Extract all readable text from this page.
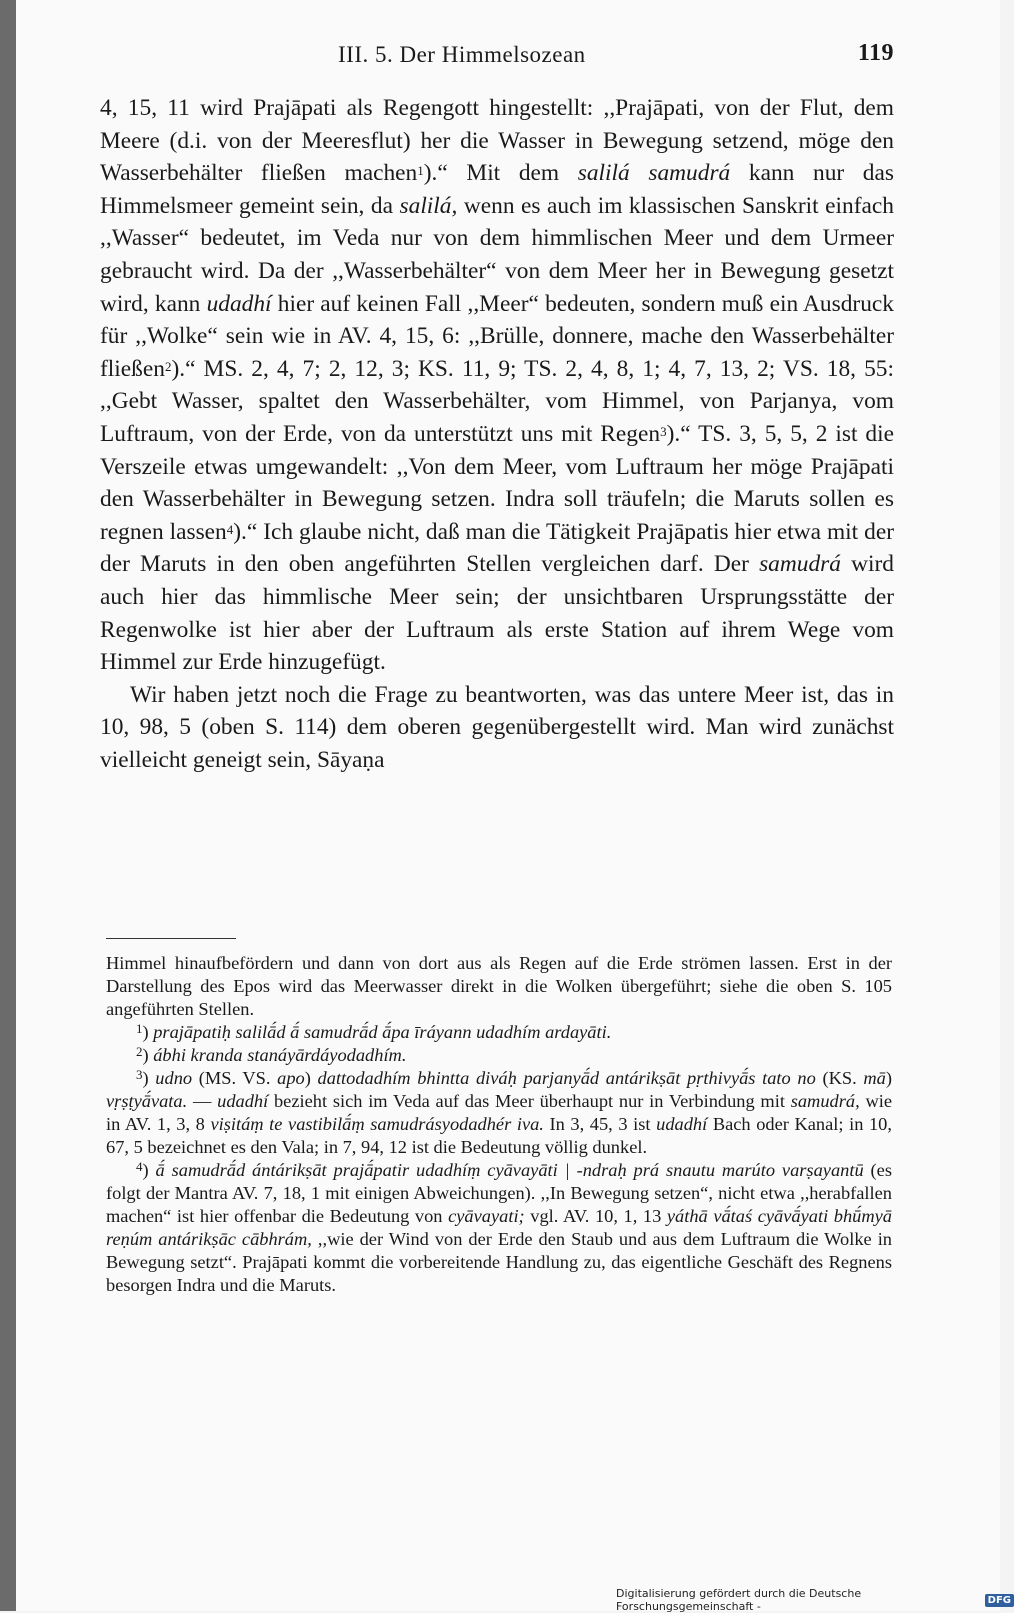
III. 5. Der Himmelsozean	119

4, 15, 11 wird Prajāpati als Regengott hingestellt: ,,Prajāpati, von der Flut, dem Meere (d.i. von der Meeresflut) her die Wasser in Bewegung setzend, möge den Wasserbehälter fließen machen$^1$).“ Mit dem salilá samudrá kann nur das Himmelsmeer gemeint sein, da salilá, wenn es auch im klassischen Sanskrit einfach ,,Wasser“ bedeutet, im Veda nur von dem himmlischen Meer und dem Urmeer gebraucht wird. Da der ,,Wasserbehälter“ von dem Meer her in Bewegung gesetzt wird, kann udadhí hier auf keinen Fall ,,Meer“ bedeuten, sondern muß ein Ausdruck für ,,Wolke“ sein wie in AV. 4, 15, 6: ,,Brülle, donnere, mache den Wasserbehälter fließen$^2$).“ MS. 2, 4, 7; 2, 12, 3; KS. 11, 9; TS. 2, 4, 8, 1; 4, 7, 13, 2; VS. 18, 55: ,,Gebt Wasser, spaltet den Wasserbehälter, vom Himmel, von Parjanya, vom Luftraum, von der Erde, von da unterstützt uns mit Regen$^3$).“ TS. 3, 5, 5, 2 ist die Verszeile etwas umgewandelt: ,,Von dem Meer, vom Luftraum her möge Prajāpati den Wasserbehälter in Bewegung setzen. Indra soll träufeln; die Maruts sollen es regnen lassen$^4$).“ Ich glaube nicht, daß man die Tätigkeit Prajāpatis hier etwa mit der der Maruts in den oben angeführten Stellen vergleichen darf. Der samudrá wird auch hier das himmlische Meer sein; der unsichtbaren Ursprungsstätte der Regenwolke ist hier aber der Luftraum als erste Station auf ihrem Wege vom Himmel zur Erde hinzugefügt.

Wir haben jetzt noch die Frage zu beantworten, was das untere Meer ist, das in 10, 98, 5 (oben S. 114) dem oberen gegenübergestellt wird. Man wird zunächst vielleicht geneigt sein, Sāyaṇa

Himmel hinaufbefördern und dann von dort aus als Regen auf die Erde strömen lassen. Erst in der Darstellung des Epos wird das Meerwasser direkt in die Wolken übergeführt; siehe die oben S. 105 angeführten Stellen.

$^1$) prajāpatiḥ salilā́d ā́ samudrā́d ā́pa īráyann udadhím ardayāti.

$^2$) ábhi kranda stanáyārdáyodadhím.

$^3$) udno (MS. VS. apo) dattodadhím bhintta diváḥ parjanyā́d antárikṣāt pṛthivyā́s tato no (KS. mā) vṛṣṭyā́vata. — udadhí bezieht sich im Veda auf das Meer überhaupt nur in Verbindung mit samudrá, wie in AV. 1, 3, 8 viṣitáṃ te vastibilā́ṃ samudrásyodadhér iva. In 3, 45, 3 ist udadhí Bach oder Kanal; in 10, 67, 5 bezeichnet es den Vala; in 7, 94, 12 ist die Bedeutung völlig dunkel.

$^4$) ā́ samudrā́d ántárikṣāt prajā́patir udadhíṃ cyāvayāti | -ndraḥ prá snautu marúto varṣayantū (es folgt der Mantra AV. 7, 18, 1 mit einigen Abweichungen). ,,In Bewegung setzen“, nicht etwa ,,herabfallen machen“ ist hier offenbar die Bedeutung von cyāvayati; vgl. AV. 10, 1, 13 yáthā vā́taś cyāvā́yati bhū́myā reṇúm antárikṣāc cābhrám, ,,wie der Wind von der Erde den Staub und aus dem Luftraum die Wolke in Bewegung setzt“. Prajāpati kommt die vorbereitende Handlung zu, das eigentliche Geschäft des Regnens besorgen Indra und die Maruts.

Digitalisierung gefördert durch die Deutsche Forschungsgemeinschaft -	DFG
